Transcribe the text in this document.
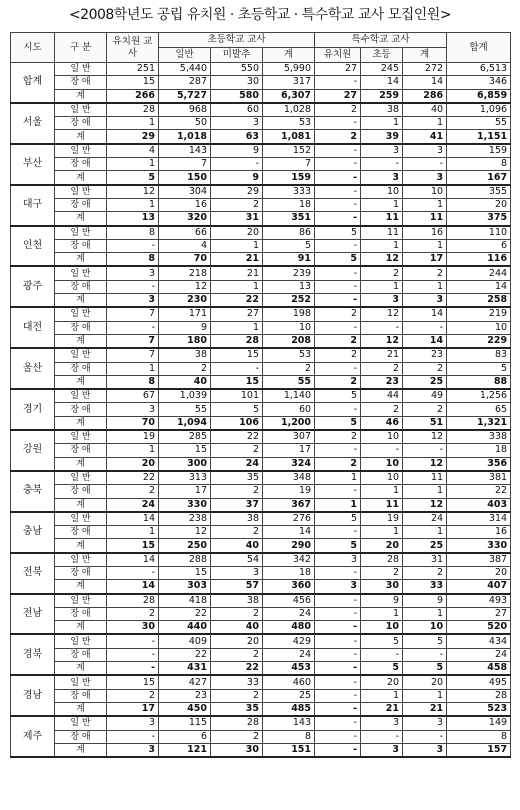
<2008학년도 공립 유치원 · 초등학교 · 특수학교 교사 모집인원>
시도	구 분	유치원 교 사	초등학교 교사			특수학교 교사			합계
			일반	미발추	계	유치원	초등	계	
합계	일 반	251	5,440	550	5,990	27	245	272	6,513
	장 애	15	287	30	317	-	14	14	346
	계	266	5,727	580	6,307	27	259	286	6,859
서울	일 반	28	968	60	1,028	2	38	40	1,096
	장 애	1	50	3	53	-	1	1	55
	계	29	1,018	63	1,081	2	39	41	1,151
부산	일 반	4	143	9	152	-	3	3	159
	장 애	1	7	-	7	-	-	-	8
	계	5	150	9	159	-	3	3	167
대구	일 반	12	304	29	333	-	10	10	355
	장 애	1	16	2	18	-	1	1	20
	계	13	320	31	351	-	11	11	375
인천	일 반	8	66	20	86	5	11	16	110
	장 애	-	4	1	5	-	1	1	6
	계	8	70	21	91	5	12	17	116
광주	일 반	3	218	21	239	-	2	2	244
	장 애	-	12	1	13	-	1	1	14
	계	3	230	22	252	-	3	3	258
대전	일 반	7	171	27	198	2	12	14	219
	장 애	-	9	1	10	-	-	-	10
	계	7	180	28	208	2	12	14	229
울산	일 반	7	38	15	53	2	21	23	83
	장 애	1	2	-	2	-	2	2	5
	계	8	40	15	55	2	23	25	88
경기	일 반	67	1,039	101	1,140	5	44	49	1,256
	장 애	3	55	5	60	-	2	2	65
	계	70	1,094	106	1,200	5	46	51	1,321
강원	일 반	19	285	22	307	2	10	12	338
	장 애	1	15	2	17	-	-	-	18
	계	20	300	24	324	2	10	12	356
충북	일 반	22	313	35	348	1	10	11	381
	장 애	2	17	2	19	-	1	1	22
	계	24	330	37	367	1	11	12	403
충남	일 반	14	238	38	276	5	19	24	314
	장 애	1	12	2	14	-	1	1	16
	계	15	250	40	290	5	20	25	330
전북	일 반	14	288	54	342	3	28	31	387
	장 애	-	15	3	18	-	2	2	20
	계	14	303	57	360	3	30	33	407
전남	일 반	28	418	38	456	-	9	9	493
	장 애	2	22	2	24	-	1	1	27
	계	30	440	40	480	-	10	10	520
경북	일 반	-	409	20	429	-	5	5	434
	장 애	-	22	2	24	-	-	-	24
	계	-	431	22	453	-	5	5	458
경남	일 반	15	427	33	460	-	20	20	495
	장 애	2	23	2	25	-	1	1	28
	계	17	450	35	485	-	21	21	523
제주	일 반	3	115	28	143	-	3	3	149
	장 애	-	6	2	8	-	-	-	8
	계	3	121	30	151	-	3	3	157
